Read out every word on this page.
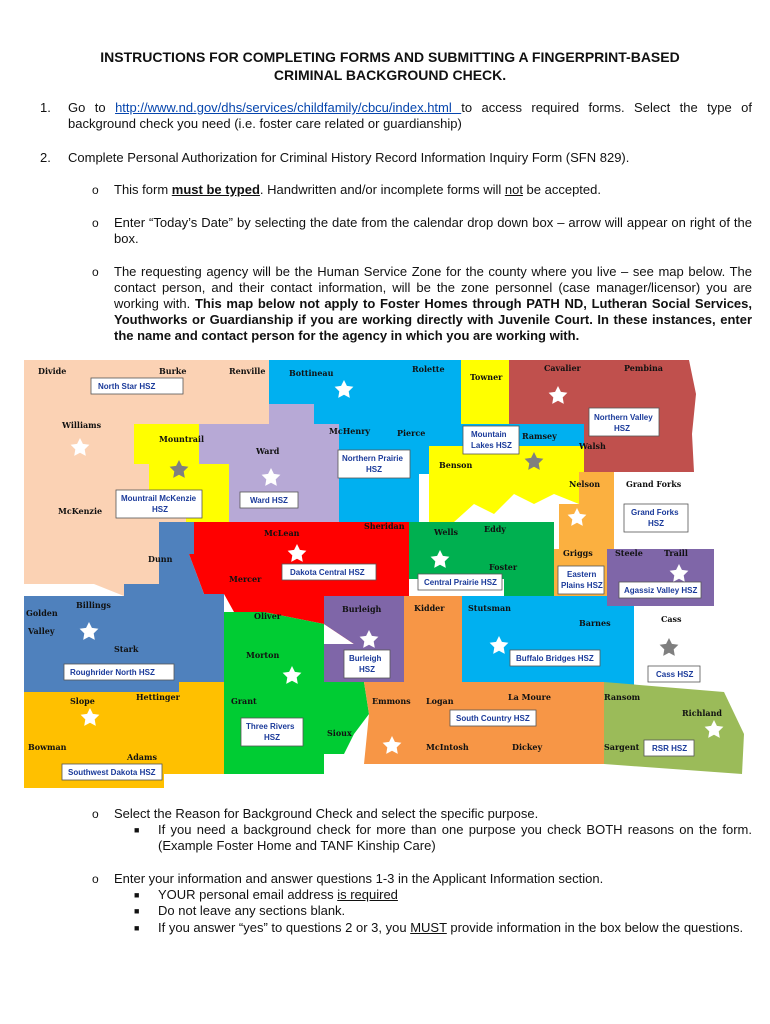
INSTRUCTIONS FOR COMPLETING FORMS AND SUBMITTING A FINGERPRINT-BASED
CRIMINAL BACKGROUND CHECK.
1.	Go to http://www.nd.gov/dhs/services/childfamily/cbcu/index.html to access required forms. Select the type of background check you need (i.e. foster care related or guardianship)
2.	Complete Personal Authorization for Criminal History Record Information Inquiry Form (SFN 829).
o This form must be typed. Handwritten and/or incomplete forms will not be accepted.
o Enter “Today’s Date” by selecting the date from the calendar drop down box – arrow will appear on right of the box.
o The requesting agency will be the Human Service Zone for the county where you live – see map below. The contact person, and their contact information, will be the zone personnel (case manager/licensor) you are working with. This map below not apply to Foster Homes through PATH ND, Lutheran Social Services, Youthworks or Guardianship if you are working directly with Juvenile Court. In these instances, enter the name and contact person for the agency in which you are working with.
Divide	Burke	Renville	Bottineau	Rolette
Towner
Cavalier	Pembina
Williams
Mountrail
Ward
McHenry	Pierce	Ramsey
Walsh
Benson
Nelson	Grand Forks
McKenzie
McLean
Sheridan
Wells	Eddy
Foster
Griggs	Steele	Traill
Dunn
Mercer
Oliver
Burleigh	Kidder	Stutsman
Barnes	Cass
Golden
Valley
Billings
Stark
Morton
Slope	Hettinger	Grant
Sioux
Emmons Logan	La Moure	Ransom
Richland
Bowman
Adams
McIntosh	Dickey	Sargent
North Star HSZ
Northern Valley
HSZ
Mountain
Lakes HSZ
Northern Prairie
HSZ
Mountrail McKenzie
HSZ
Ward HSZ
Grand Forks
HSZ
Dakota Central HSZ
Central Prairie HSZ
Eastern
Plains HSZ
Agassiz Valley HSZ
Burleigh
HSZ
Buffalo Bridges HSZ
Roughrider North HSZ	Cass HSZ
Three Rivers
HSZ
South Country HSZ
RSR HSZ
Southwest Dakota HSZ
o Select the Reason for Background Check and select the specific purpose.
■ If you need a background check for more than one purpose you check BOTH reasons on the form. (Example Foster Home and TANF Kinship Care)
o Enter your information and answer questions 1-3 in the Applicant Information section.
■ YOUR personal email address is required
■ Do not leave any sections blank.
■ If you answer “yes” to questions 2 or 3, you MUST provide information in the box below the questions.
